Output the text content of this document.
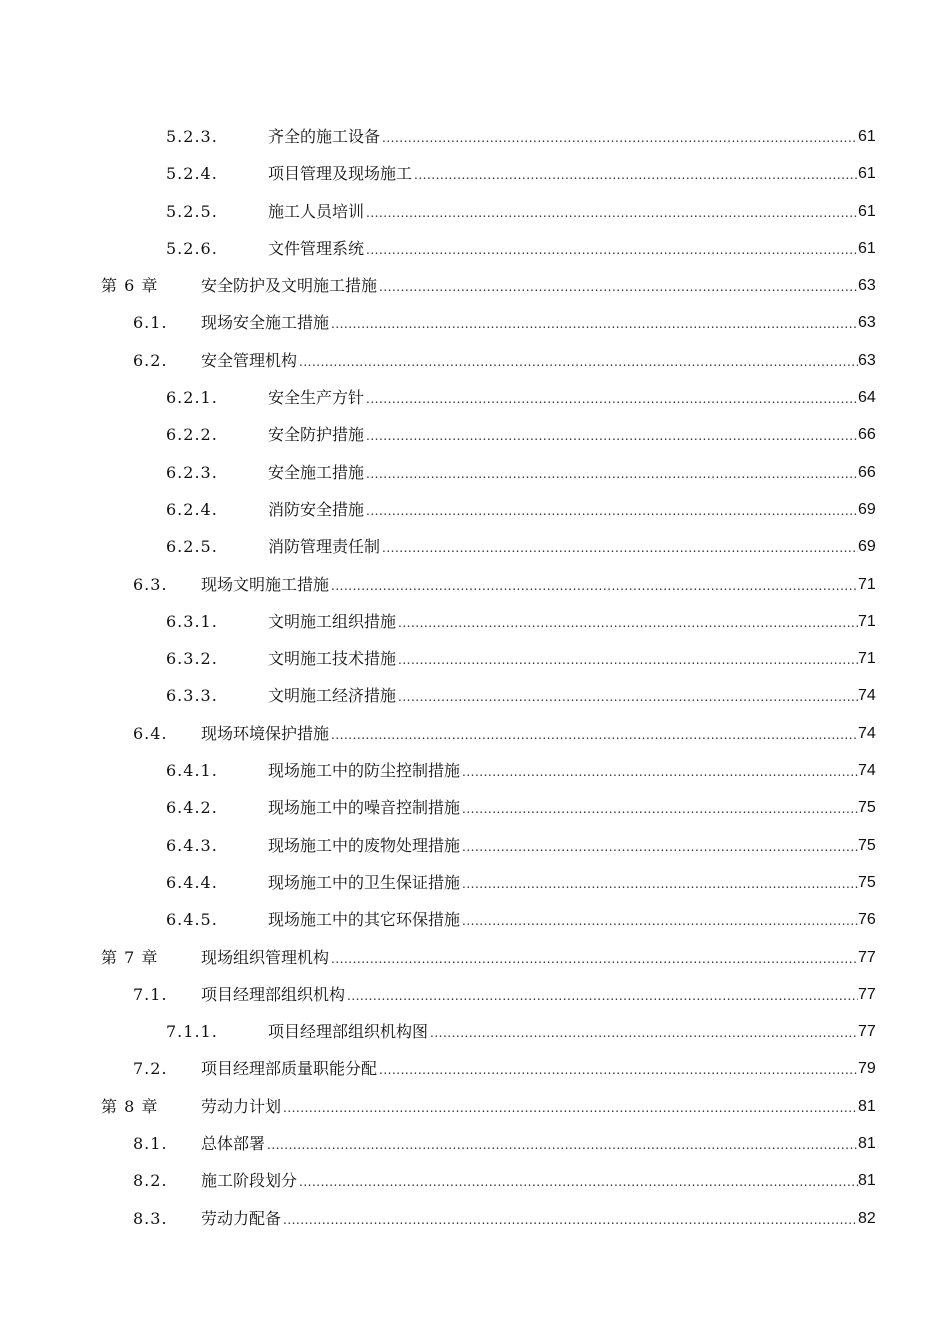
5.2.3.	齐全的施工设备 .....	61
5.2.4.	项目管理及现场施工 .....	61
5.2.5.	施工人员培训 .....	61
5.2.6.	文件管理系统 .....	61
第 6 章	安全防护及文明施工措施 .....	63
6.1. 现场安全施工措施 .....	63
6.2. 安全管理机构 .....	63
6.2.1.	安全生产方针 .....	64
6.2.2.	安全防护措施 .....	66
6.2.3.	安全施工措施 .....	66
6.2.4.	消防安全措施 .....	69
6.2.5.	消防管理责任制 .....	69
6.3. 现场文明施工措施 .....	71
6.3.1.	文明施工组织措施 .....	71
6.3.2.	文明施工技术措施 .....	71
6.3.3.	文明施工经济措施 .....	74
6.4. 现场环境保护措施 .....	74
6.4.1.	现场施工中的防尘控制措施 .....	74
6.4.2.	现场施工中的噪音控制措施 .....	75
6.4.3.	现场施工中的废物处理措施 .....	75
6.4.4.	现场施工中的卫生保证措施 .....	75
6.4.5.	现场施工中的其它环保措施 .....	76
第 7 章	现场组织管理机构 .....	77
7.1. 项目经理部组织机构 .....	77
7.1.1.	项目经理部组织机构图 .....	77
7.2. 项目经理部质量职能分配 .....	79
第 8 章	劳动力计划 .....	81
8.1. 总体部署 .....	81
8.2. 施工阶段划分 .....	81
8.3. 劳动力配备 .....	82
